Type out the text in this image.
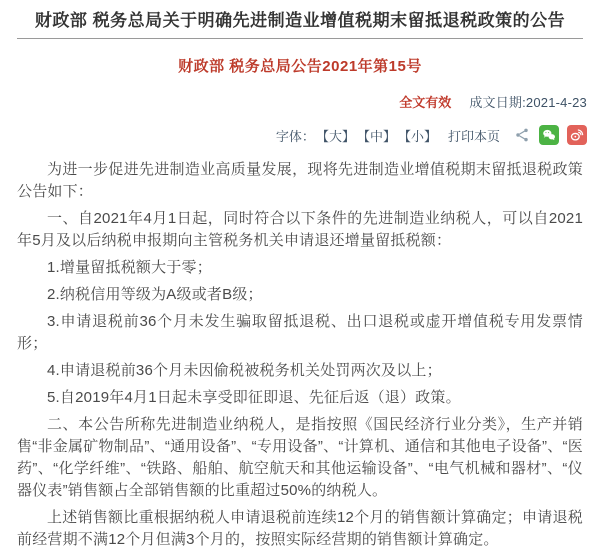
财政部 税务总局关于明确先进制造业增值税期末留抵退税政策的公告
财政部 税务总局公告2021年第15号
全文有效 成文日期:2021-4-23
字体： 【大】 【中】 【小】 打印本页

为进一步促进先进制造业高质量发展，现将先进制造业增值税期末留抵退税政策公告如下：

一、自2021年4月1日起，同时符合以下条件的先进制造业纳税人，可以自2021年5月及以后纳税申报期向主管税务机关申请退还增量留抵税额：

1.增量留抵税额大于零；

2.纳税信用等级为A级或者B级；

3.申请退税前36个月未发生骗取留抵退税、出口退税或虚开增值税专用发票情形；

4.申请退税前36个月未因偷税被税务机关处罚两次及以上；

5.自2019年4月1日起未享受即征即退、先征后返（退）政策。

二、本公告所称先进制造业纳税人，是指按照《国民经济行业分类》，生产并销售“非金属矿物制品”、“通用设备”、“专用设备”、“计算机、通信和其他电子设备”、“医药”、“化学纤维”、“铁路、船舶、航空航天和其他运输设备”、“电气机械和器材”、“仪器仪表”销售额占全部销售额的比重超过50%的纳税人。

上述销售额比重根据纳税人申请退税前连续12个月的销售额计算确定；申请退税前经营期不满12个月但满3个月的，按照实际经营期的销售额计算确定。
